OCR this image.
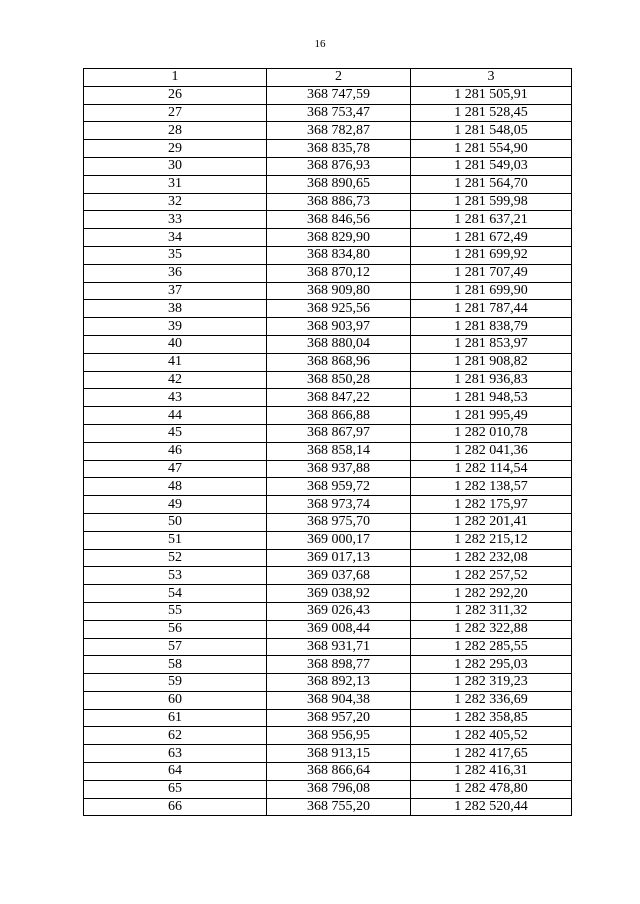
16
1	2	3
26	368 747,59	1 281 505,91
27	368 753,47	1 281 528,45
28	368 782,87	1 281 548,05
29	368 835,78	1 281 554,90
30	368 876,93	1 281 549,03
31	368 890,65	1 281 564,70
32	368 886,73	1 281 599,98
33	368 846,56	1 281 637,21
34	368 829,90	1 281 672,49
35	368 834,80	1 281 699,92
36	368 870,12	1 281 707,49
37	368 909,80	1 281 699,90
38	368 925,56	1 281 787,44
39	368 903,97	1 281 838,79
40	368 880,04	1 281 853,97
41	368 868,96	1 281 908,82
42	368 850,28	1 281 936,83
43	368 847,22	1 281 948,53
44	368 866,88	1 281 995,49
45	368 867,97	1 282 010,78
46	368 858,14	1 282 041,36
47	368 937,88	1 282 114,54
48	368 959,72	1 282 138,57
49	368 973,74	1 282 175,97
50	368 975,70	1 282 201,41
51	369 000,17	1 282 215,12
52	369 017,13	1 282 232,08
53	369 037,68	1 282 257,52
54	369 038,92	1 282 292,20
55	369 026,43	1 282 311,32
56	369 008,44	1 282 322,88
57	368 931,71	1 282 285,55
58	368 898,77	1 282 295,03
59	368 892,13	1 282 319,23
60	368 904,38	1 282 336,69
61	368 957,20	1 282 358,85
62	368 956,95	1 282 405,52
63	368 913,15	1 282 417,65
64	368 866,64	1 282 416,31
65	368 796,08	1 282 478,80
66	368 755,20	1 282 520,44
